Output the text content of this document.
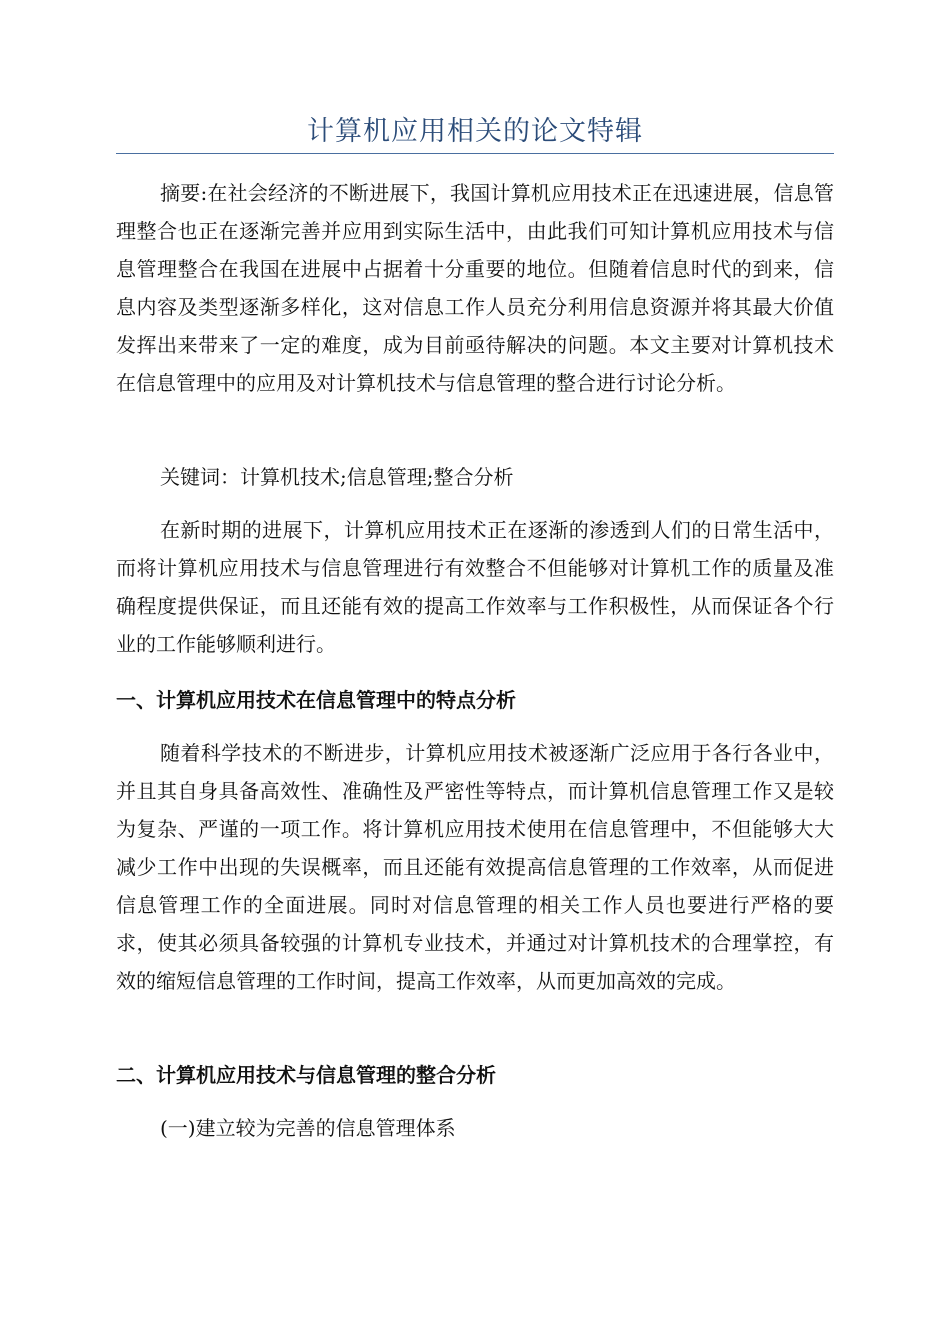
计算机应用相关的论文特辑

摘要:在社会经济的不断进展下，我国计算机应用技术正在迅速进展，信息管理整合也正在逐渐完善并应用到实际生活中，由此我们可知计算机应用技术与信息管理整合在我国在进展中占据着十分重要的地位。但随着信息时代的到来，信息内容及类型逐渐多样化，这对信息工作人员充分利用信息资源并将其最大价值发挥出来带来了一定的难度，成为目前亟待解决的问题。本文主要对计算机技术在信息管理中的应用及对计算机技术与信息管理的整合进行讨论分析。

关键词：计算机技术;信息管理;整合分析

在新时期的进展下，计算机应用技术正在逐渐的渗透到人们的日常生活中，而将计算机应用技术与信息管理进行有效整合不但能够对计算机工作的质量及准确程度提供保证，而且还能有效的提高工作效率与工作积极性，从而保证各个行业的工作能够顺利进行。

一、计算机应用技术在信息管理中的特点分析

随着科学技术的不断进步，计算机应用技术被逐渐广泛应用于各行各业中，并且其自身具备高效性、准确性及严密性等特点，而计算机信息管理工作又是较为复杂、严谨的一项工作。将计算机应用技术使用在信息管理中，不但能够大大减少工作中出现的失误概率，而且还能有效提高信息管理的工作效率，从而促进信息管理工作的全面进展。同时对信息管理的相关工作人员也要进行严格的要求，使其必须具备较强的计算机专业技术，并通过对计算机技术的合理掌控，有效的缩短信息管理的工作时间，提高工作效率，从而更加高效的完成。

二、计算机应用技术与信息管理的整合分析

(一)建立较为完善的信息管理体系
